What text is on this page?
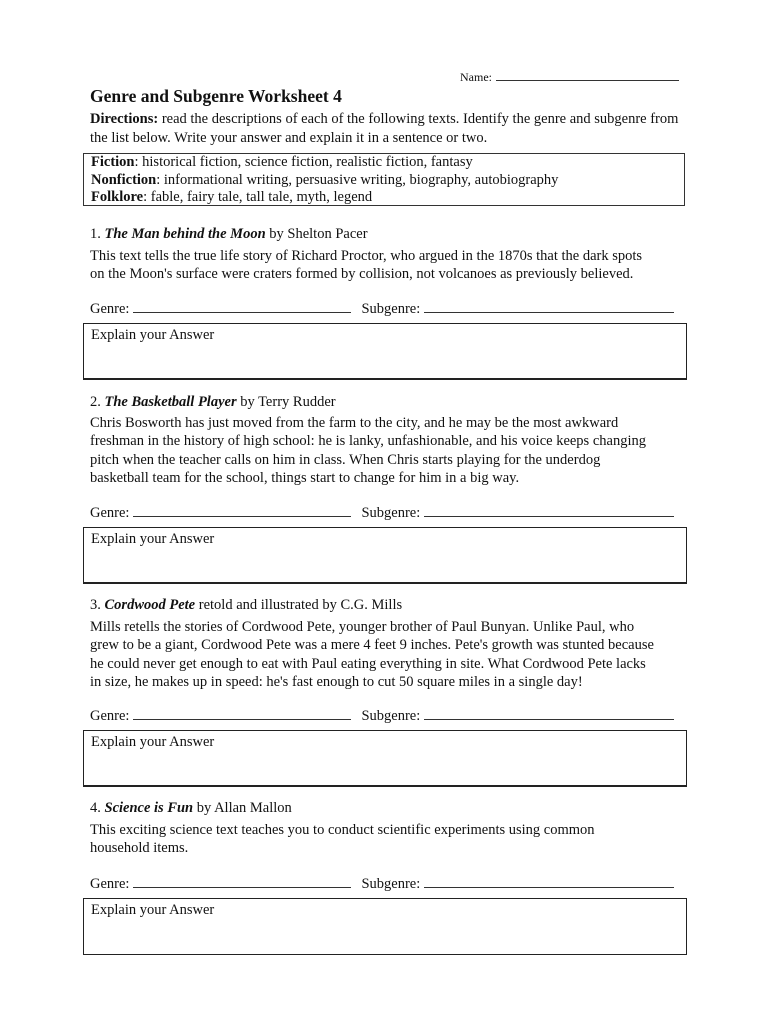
Name:
Genre and Subgenre Worksheet 4

Directions: read the descriptions of each of the following texts. Identify the genre and subgenre from the list below. Write your answer and explain it in a sentence or two.

Fiction: historical fiction, science fiction, realistic fiction, fantasy
Nonfiction: informational writing, persuasive writing, biography, autobiography
Folklore: fable, fairy tale, tall tale, myth, legend

1. The Man behind the Moon by Shelton Pacer

This text tells the true life story of Richard Proctor, who argued in the 1870s that the dark spots
on the Moon's surface were craters formed by collision, not volcanoes as previously believed.

Genre:	Subgenre:
Explain your Answer

2. The Basketball Player by Terry Rudder

Chris Bosworth has just moved from the farm to the city, and he may be the most awkward
freshman in the history of high school: he is lanky, unfashionable, and his voice keeps changing
pitch when the teacher calls on him in class. When Chris starts playing for the underdog
basketball team for the school, things start to change for him in a big way.

Genre:	Subgenre:
Explain your Answer

3. Cordwood Pete retold and illustrated by C.G. Mills

Mills retells the stories of Cordwood Pete, younger brother of Paul Bunyan. Unlike Paul, who
grew to be a giant, Cordwood Pete was a mere 4 feet 9 inches. Pete's growth was stunted because
he could never get enough to eat with Paul eating everything in site. What Cordwood Pete lacks
in size, he makes up in speed: he's fast enough to cut 50 square miles in a single day!

Genre:	Subgenre:
Explain your Answer

4. Science is Fun by Allan Mallon

This exciting science text teaches you to conduct scientific experiments using common
household items.

Genre:	Subgenre:
Explain your Answer
